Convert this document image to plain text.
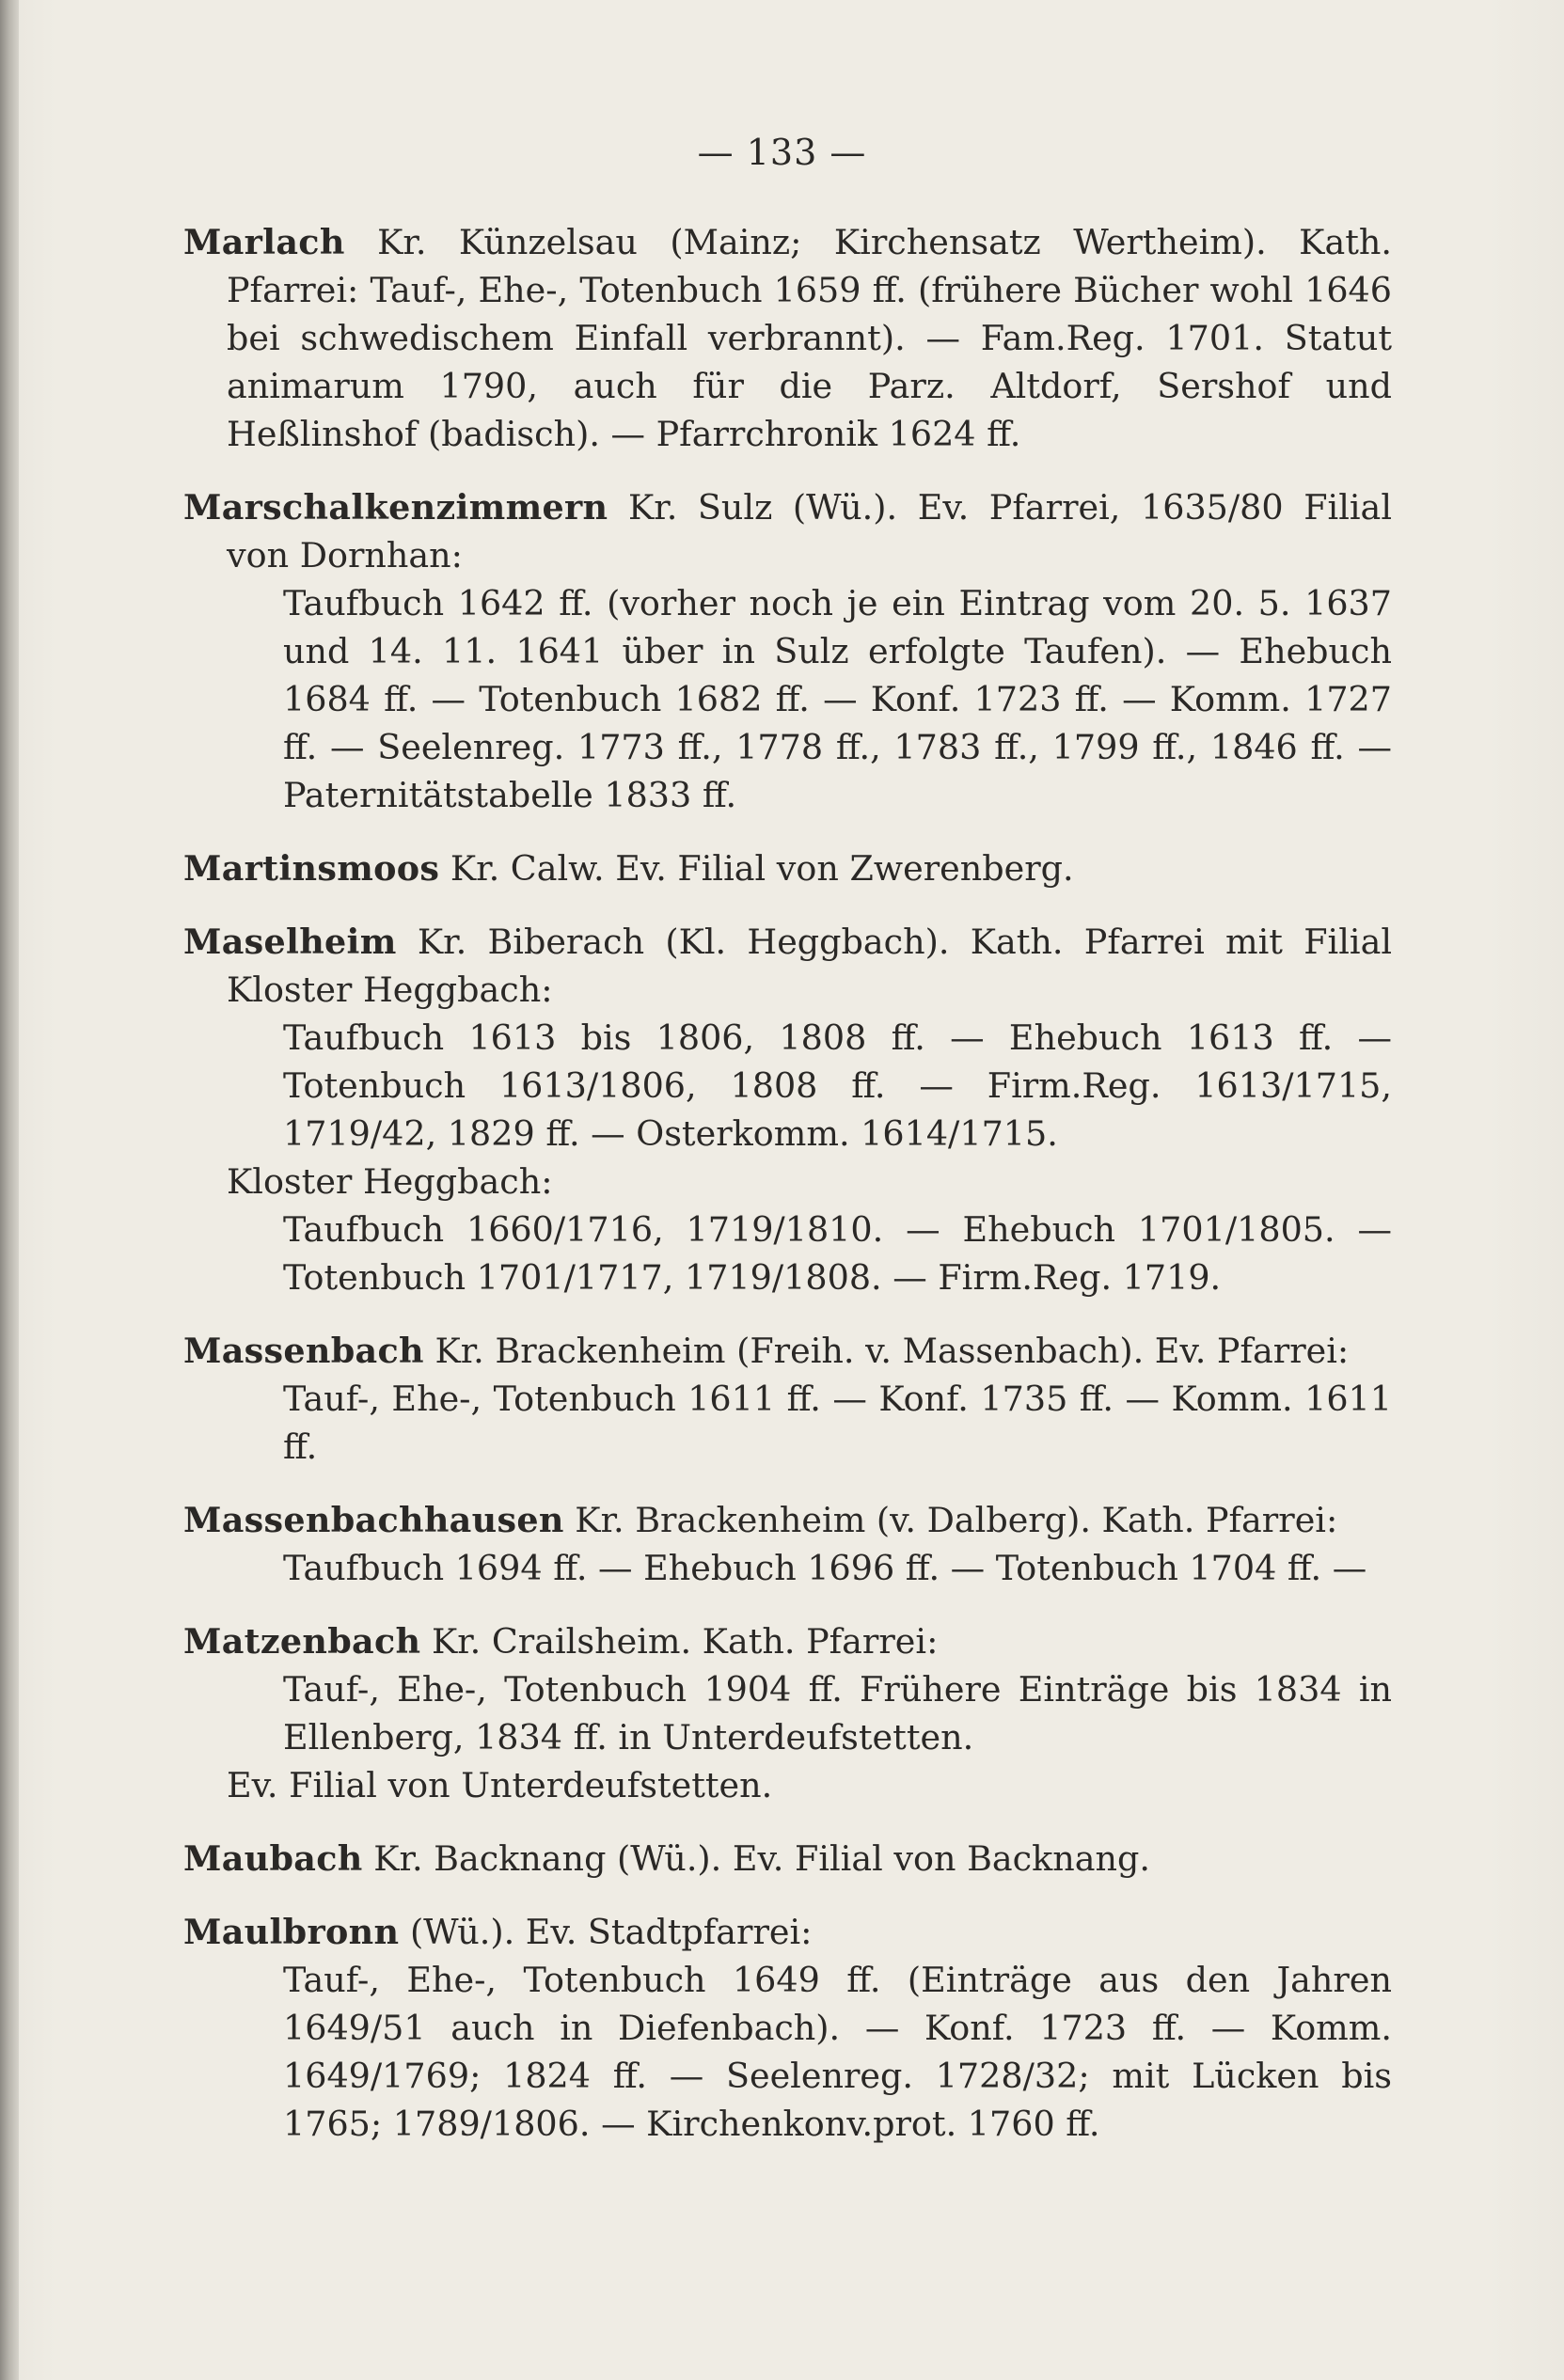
— 133 —
Marlach Kr. Künzelsau (Mainz; Kirchensatz Wertheim). Kath. Pfarrei: Tauf-, Ehe-, Totenbuch 1659 ff. (frühere Bücher wohl 1646 bei schwedischem Einfall verbrannt). — Fam.Reg. 1701. Statut animarum 1790, auch für die Parz. Altdorf, Sershof und Heßlinshof (badisch). — Pfarrchronik 1624 ff.
Marschalkenzimmern Kr. Sulz (Wü.). Ev. Pfarrei, 1635/80 Filial von Dornhan:
Taufbuch 1642 ff. (vorher noch je ein Eintrag vom 20. 5. 1637 und 14. 11. 1641 über in Sulz erfolgte Taufen). — Ehebuch 1684 ff. — Totenbuch 1682 ff. — Konf. 1723 ff. — Komm. 1727 ff. — Seelenreg. 1773 ff., 1778 ff., 1783 ff., 1799 ff., 1846 ff. — Paternitätstabelle 1833 ff.
Martinsmoos Kr. Calw. Ev. Filial von Zwerenberg.
Maselheim Kr. Biberach (Kl. Heggbach). Kath. Pfarrei mit Filial Kloster Heggbach:
Taufbuch 1613 bis 1806, 1808 ff. — Ehebuch 1613 ff. — Totenbuch 1613/1806, 1808 ff. — Firm.Reg. 1613/1715, 1719/42, 1829 ff. — Osterkomm. 1614/1715.
Kloster Heggbach:
Taufbuch 1660/1716, 1719/1810. — Ehebuch 1701/1805. — Totenbuch 1701/1717, 1719/1808. — Firm.Reg. 1719.
Massenbach Kr. Brackenheim (Freih. v. Massenbach). Ev. Pfarrei:
Tauf-, Ehe-, Totenbuch 1611 ff. — Konf. 1735 ff. — Komm. 1611 ff.
Massenbachhausen Kr. Brackenheim (v. Dalberg). Kath. Pfarrei:
Taufbuch 1694 ff. — Ehebuch 1696 ff. — Totenbuch 1704 ff. —
Matzenbach Kr. Crailsheim. Kath. Pfarrei:
Tauf-, Ehe-, Totenbuch 1904 ff. Frühere Einträge bis 1834 in Ellenberg, 1834 ff. in Unterdeufstetten.
Ev. Filial von Unterdeufstetten.
Maubach Kr. Backnang (Wü.). Ev. Filial von Backnang.
Maulbronn (Wü.). Ev. Stadtpfarrei:
Tauf-, Ehe-, Totenbuch 1649 ff. (Einträge aus den Jahren 1649/51 auch in Diefenbach). — Konf. 1723 ff. — Komm. 1649/1769; 1824 ff. — Seelenreg. 1728/32; mit Lücken bis 1765; 1789/1806. — Kirchenkonv.prot. 1760 ff.
